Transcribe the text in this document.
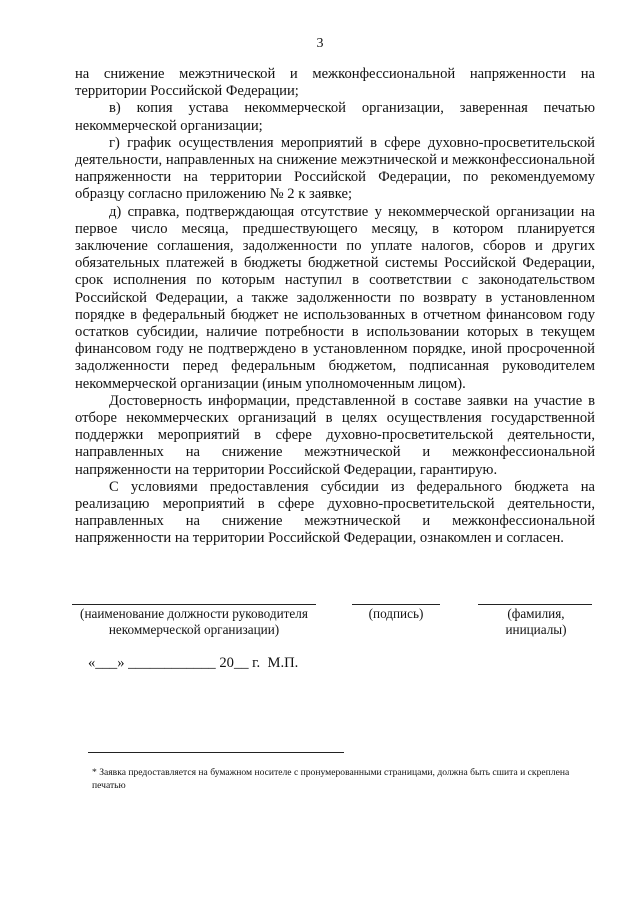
3

на снижение межэтнической и межконфессиональной напряженности на территории Российской Федерации;

в) копия устава некоммерческой организации, заверенная печатью некоммерческой организации;

г) график осуществления мероприятий в сфере духовно-просветительской деятельности, направленных на снижение межэтнической и межконфессиональной напряженности на территории Российской Федерации, по рекомендуемому образцу согласно приложению № 2 к заявке;

д) справка, подтверждающая отсутствие у некоммерческой организации на первое число месяца, предшествующего месяцу, в котором планируется заключение соглашения, задолженности по уплате налогов, сборов и других обязательных платежей в бюджеты бюджетной системы Российской Федерации, срок исполнения по которым наступил в соответствии с законодательством Российской Федерации, а также задолженности по возврату в установленном порядке в федеральный бюджет не использованных в отчетном финансовом году остатков субсидии, наличие потребности в использовании которых в текущем финансовом году не подтверждено в установленном порядке, иной просроченной задолженности перед федеральным бюджетом, подписанная руководителем некоммерческой организации (иным уполномоченным лицом).

Достоверность информации, представленной в составе заявки на участие в отборе некоммерческих организаций в целях осуществления государственной поддержки мероприятий в сфере духовно-просветительской деятельности, направленных на снижение межэтнической и межконфессиональной напряженности на территории Российской Федерации, гарантирую.

С условиями предоставления субсидии из федерального бюджета на реализацию мероприятий в сфере духовно-просветительской деятельности, направленных на снижение межэтнической и межконфессиональной напряженности на территории Российской Федерации, ознакомлен и согласен.

(наименование должности руководителя некоммерческой организации)
(подпись)	(фамилия, инициалы)
«___» ____________ 20__ г.  М.П.
* Заявка предоставляется на бумажном носителе с пронумерованными страницами, должна быть сшита и скреплена печатью
